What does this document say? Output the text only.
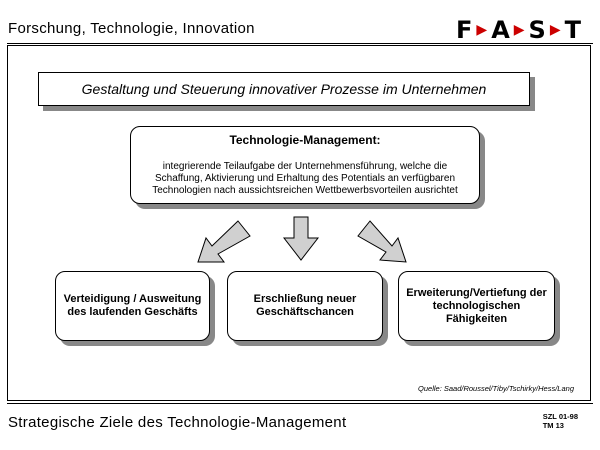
Forschung, Technologie, Innovation	F ▶ A ▶ S ▶ T
Gestaltung und Steuerung innovativer Prozesse im Unternehmen
Technologie-Management:
integrierende Teilaufgabe der Unternehmensführung, welche die Schaffung, Aktivierung und Erhaltung des Potentials an verfügbaren Technologien nach aussichtsreichen Wettbewerbsvorteilen ausrichtet
Verteidigung / Ausweitung des laufenden Geschäfts
Erschließung neuer Geschäftschancen
Erweiterung/Vertiefung der technologischen Fähigkeiten
Quelle: Saad/Roussel/Tiby/Tschirky/Hess/Lang
Strategische Ziele des Technologie-Management	SZL 01-98
TM 13
